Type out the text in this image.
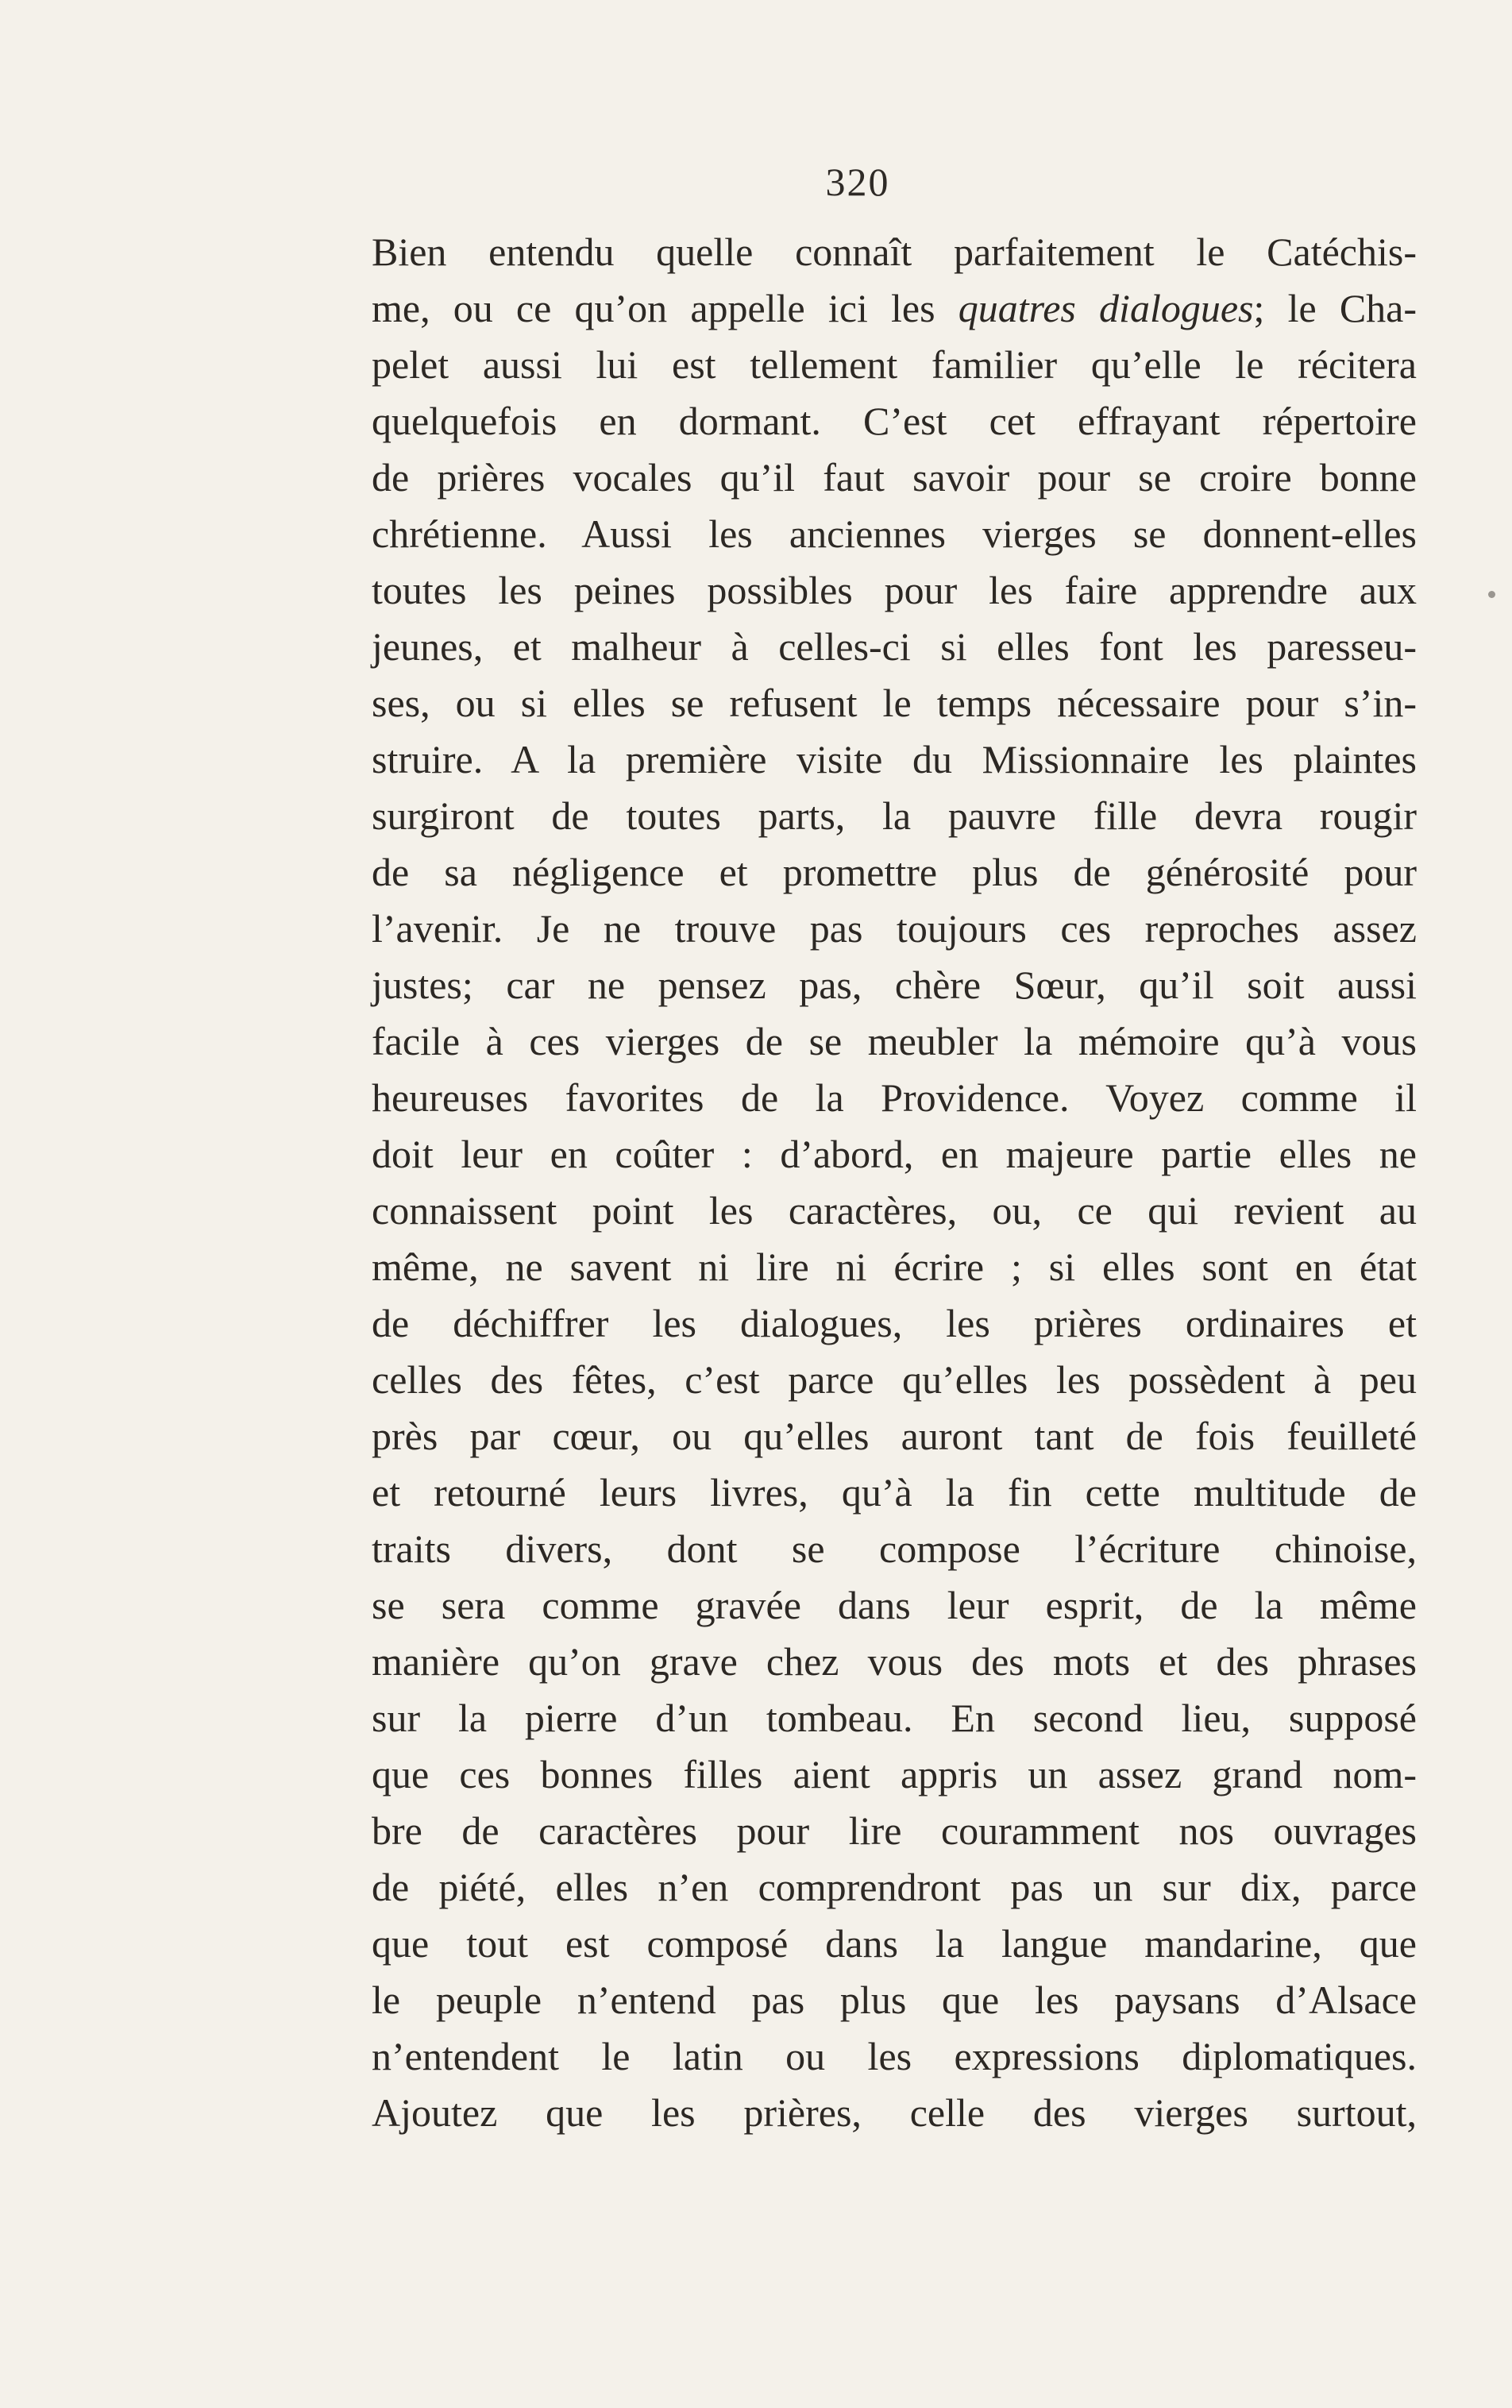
320
Bien entendu quelle connaît parfaitement le Catéchis-
me, ou ce qu’on appelle ici les quatres dialogues; le Cha-
pelet aussi lui est tellement familier qu’elle le récitera
quelquefois en dormant. C’est cet effrayant répertoire
de prières vocales qu’il faut savoir pour se croire bonne
chrétienne. Aussi les anciennes vierges se donnent-elles
toutes les peines possibles pour les faire apprendre aux
jeunes, et malheur à celles-ci si elles font les paresseu-
ses, ou si elles se refusent le temps nécessaire pour s’in-
struire. A la première visite du Missionnaire les plaintes
surgiront de toutes parts, la pauvre fille devra rougir
de sa négligence et promettre plus de générosité pour
l’avenir. Je ne trouve pas toujours ces reproches assez
justes; car ne pensez pas, chère Sœur, qu’il soit aussi
facile à ces vierges de se meubler la mémoire qu’à vous
heureuses favorites de la Providence. Voyez comme il
doit leur en coûter : d’abord, en majeure partie elles ne
connaissent point les caractères, ou, ce qui revient au
même, ne savent ni lire ni écrire ; si elles sont en état
de déchiffrer les dialogues, les prières ordinaires et
celles des fêtes, c’est parce qu’elles les possèdent à peu
près par cœur, ou qu’elles auront tant de fois feuilleté
et retourné leurs livres, qu’à la fin cette multitude de
traits divers, dont se compose l’écriture chinoise,
se sera comme gravée dans leur esprit, de la même
manière qu’on grave chez vous des mots et des phrases
sur la pierre d’un tombeau. En second lieu, supposé
que ces bonnes filles aient appris un assez grand nom-
bre de caractères pour lire couramment nos ouvrages
de piété, elles n’en comprendront pas un sur dix, parce
que tout est composé dans la langue mandarine, que
le peuple n’entend pas plus que les paysans d’Alsace
n’entendent le latin ou les expressions diplomatiques.
Ajoutez que les prières, celle des vierges surtout,
